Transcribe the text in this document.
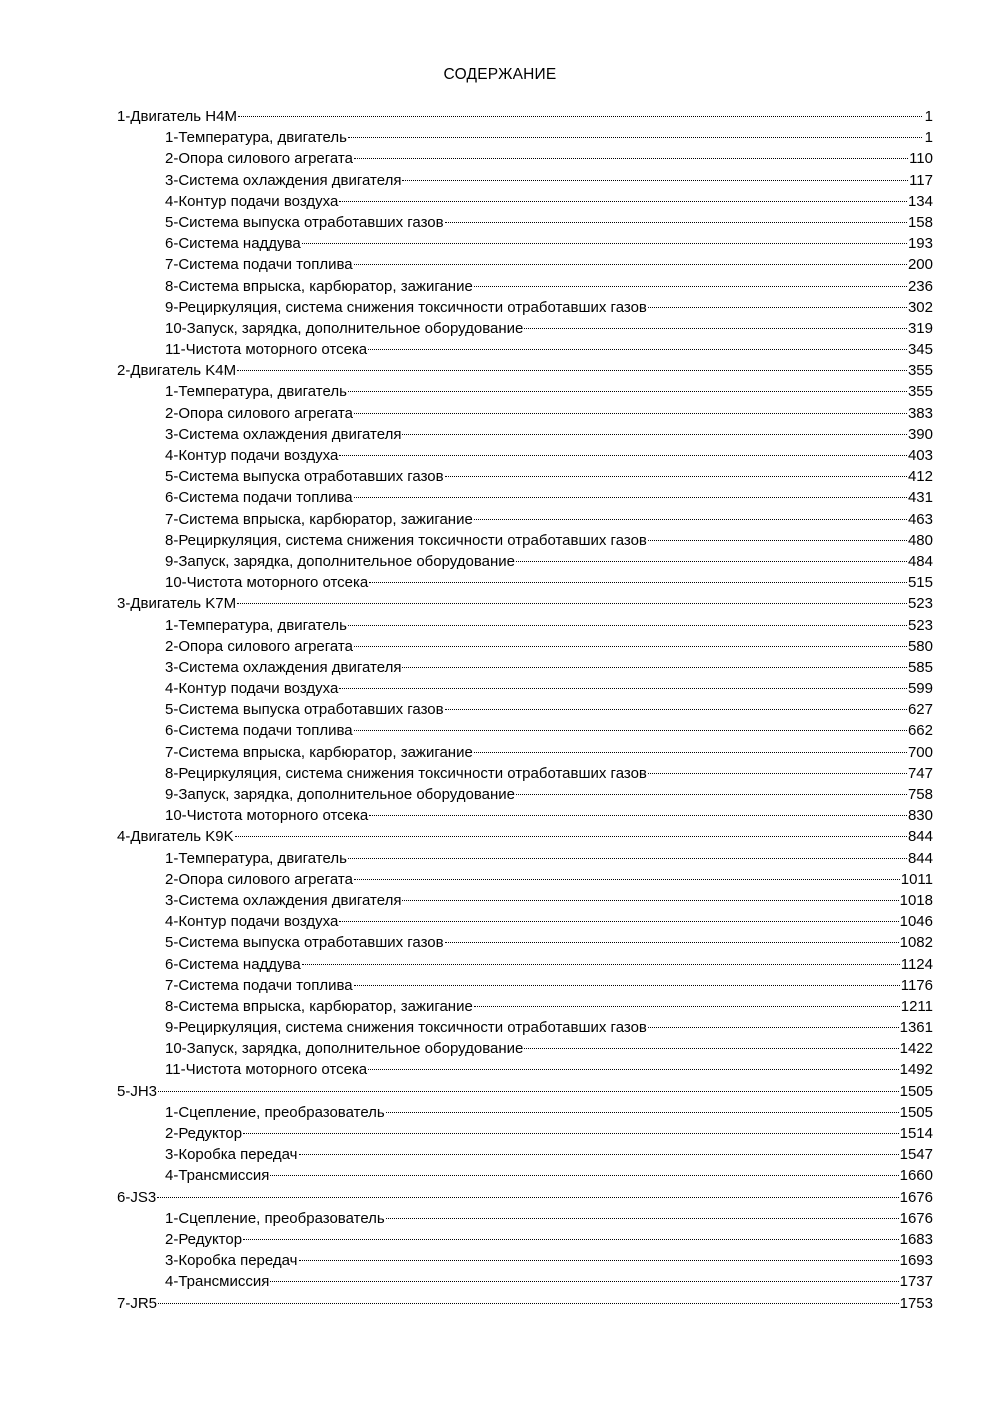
СОДЕРЖАНИЕ
1-Двигатель H4M	1
1-Температура, двигатель	1
2-Опора силового агрегата	110
3-Система охлаждения двигателя	117
4-Контур подачи воздуха	134
5-Система выпуска отработавших газов	158
6-Система наддува	193
7-Система подачи топлива	200
8-Система впрыска, карбюратор, зажигание	236
9-Рециркуляция, система снижения токсичности отработавших газов	302
10-Запуск, зарядка, дополнительное оборудование	319
11-Чистота моторного отсека	345
2-Двигатель K4M	355
1-Температура, двигатель	355
2-Опора силового агрегата	383
3-Система охлаждения двигателя	390
4-Контур подачи воздуха	403
5-Система выпуска отработавших газов	412
6-Система подачи топлива	431
7-Система впрыска, карбюратор, зажигание	463
8-Рециркуляция, система снижения токсичности отработавших газов	480
9-Запуск, зарядка, дополнительное оборудование	484
10-Чистота моторного отсека	515
3-Двигатель K7M	523
1-Температура, двигатель	523
2-Опора силового агрегата	580
3-Система охлаждения двигателя	585
4-Контур подачи воздуха	599
5-Система выпуска отработавших газов	627
6-Система подачи топлива	662
7-Система впрыска, карбюратор, зажигание	700
8-Рециркуляция, система снижения токсичности отработавших газов	747
9-Запуск, зарядка, дополнительное оборудование	758
10-Чистота моторного отсека	830
4-Двигатель K9K	844
1-Температура, двигатель	844
2-Опора силового агрегата	1011
3-Система охлаждения двигателя	1018
4-Контур подачи воздуха	1046
5-Система выпуска отработавших газов	1082
6-Система наддува	1124
7-Система подачи топлива	1176
8-Система впрыска, карбюратор, зажигание	1211
9-Рециркуляция, система снижения токсичности отработавших газов	1361
10-Запуск, зарядка, дополнительное оборудование	1422
11-Чистота моторного отсека	1492
5-JH3	1505
1-Сцепление, преобразователь	1505
2-Редуктор	1514
3-Коробка передач	1547
4-Трансмиссия	1660
6-JS3	1676
1-Сцепление, преобразователь	1676
2-Редуктор	1683
3-Коробка передач	1693
4-Трансмиссия	1737
7-JR5	1753
